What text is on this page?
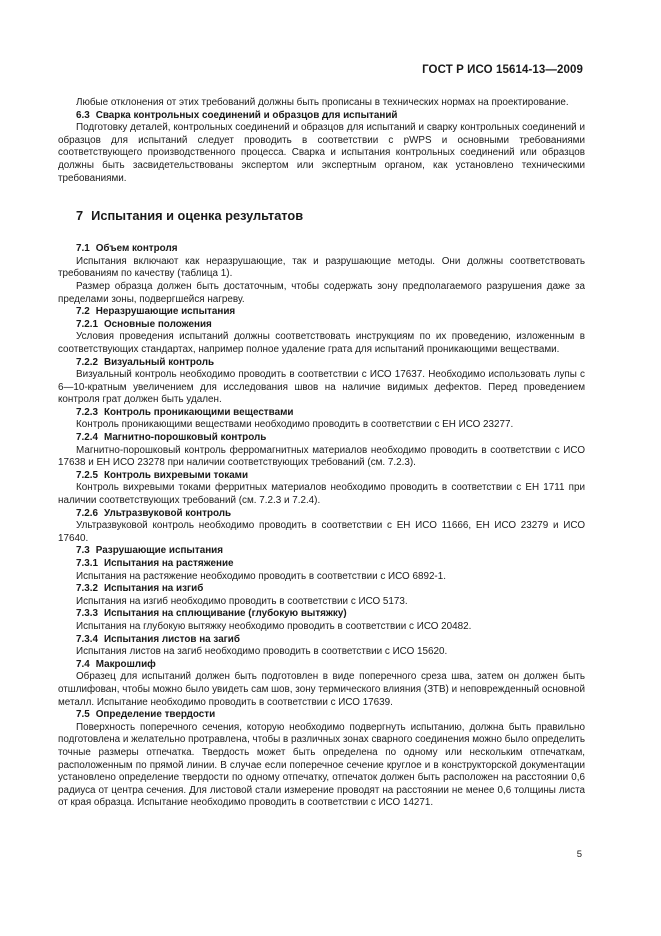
ГОСТ Р ИСО 15614-13—2009
Любые отклонения от этих требований должны быть прописаны в технических нормах на проектирование.
6.3 Сварка контрольных соединений и образцов для испытаний
Подготовку деталей, контрольных соединений и образцов для испытаний и сварку контрольных соединений и образцов для испытаний следует проводить в соответствии с pWPS и основными требованиями соответствующего производственного процесса. Сварка и испытания контрольных соединений или образцов должны быть засвидетельствованы экспертом или экспертным органом, как установлено техническими требованиями.
7 Испытания и оценка результатов
7.1 Объем контроля
Испытания включают как неразрушающие, так и разрушающие методы. Они должны соответствовать требованиям по качеству (таблица 1).
Размер образца должен быть достаточным, чтобы содержать зону предполагаемого разрушения даже за пределами зоны, подвергшейся нагреву.
7.2 Неразрушающие испытания
7.2.1 Основные положения
Условия проведения испытаний должны соответствовать инструкциям по их проведению, изложенным в соответствующих стандартах, например полное удаление грата для испытаний проникающими веществами.
7.2.2 Визуальный контроль
Визуальный контроль необходимо проводить в соответствии с ИСО 17637. Необходимо использовать лупы с 6—10-кратным увеличением для исследования швов на наличие видимых дефектов. Перед проведением контроля грат должен быть удален.
7.2.3 Контроль проникающими веществами
Контроль проникающими веществами необходимо проводить в соответствии с ЕН ИСО 23277.
7.2.4 Магнитно-порошковый контроль
Магнитно-порошковый контроль ферромагнитных материалов необходимо проводить в соответствии с ИСО 17638 и ЕН ИСО 23278 при наличии соответствующих требований (см. 7.2.3).
7.2.5 Контроль вихревыми токами
Контроль вихревыми токами ферритных материалов необходимо проводить в соответствии с ЕН 1711 при наличии соответствующих требований (см. 7.2.3 и 7.2.4).
7.2.6 Ультразвуковой контроль
Ультразвуковой контроль необходимо проводить в соответствии с ЕН ИСО 11666, ЕН ИСО 23279 и ИСО 17640.
7.3 Разрушающие испытания
7.3.1 Испытания на растяжение
Испытания на растяжение необходимо проводить в соответствии с ИСО 6892-1.
7.3.2 Испытания на изгиб
Испытания на изгиб необходимо проводить в соответствии с ИСО 5173.
7.3.3 Испытания на сплющивание (глубокую вытяжку)
Испытания на глубокую вытяжку необходимо проводить в соответствии с ИСО 20482.
7.3.4 Испытания листов на загиб
Испытания листов на загиб необходимо проводить в соответствии с ИСО 15620.
7.4 Макрошлиф
Образец для испытаний должен быть подготовлен в виде поперечного среза шва, затем он должен быть отшлифован, чтобы можно было увидеть сам шов, зону термического влияния (ЗТВ) и неповрежденный основной металл. Испытание необходимо проводить в соответствии с ИСО 17639.
7.5 Определение твердости
Поверхность поперечного сечения, которую необходимо подвергнуть испытанию, должна быть правильно подготовлена и желательно протравлена, чтобы в различных зонах сварного соединения можно было определить точные размеры отпечатка. Твердость может быть определена по одному или нескольким отпечаткам, расположенным по прямой линии. В случае если поперечное сечение круглое и в конструкторской документации установлено определение твердости по одному отпечатку, отпечаток должен быть расположен на расстоянии 0,6 радиуса от центра сечения. Для листовой стали измерение проводят на расстоянии не менее 0,6 толщины листа от края образца. Испытание необходимо проводить в соответствии с ИСО 14271.
5
